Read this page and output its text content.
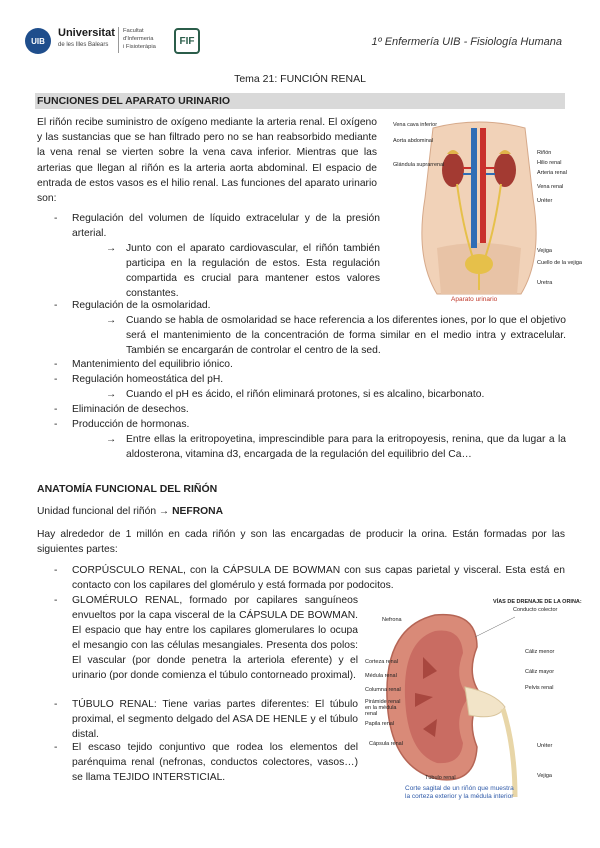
UIB
Universitat
de les Illes Balears
Facultat
d'Infermeria
i Fisioteràpia
FIF	1º Enfermería UIB - Fisiología Humana
Tema 21: FUNCIÓN RENAL
FUNCIONES DEL APARATO URINARIO
El riñón recibe suministro de oxígeno mediante la arteria renal. El oxígeno y las sustancias que se han filtrado pero no se han reabsorbido mediante la vena renal se vierten sobre la vena cava inferior. Mientras que las arterias que llegan al riñón es la arteria aorta abdominal. El espacio de entrada de estos vasos es el hilio renal. Las funciones del aparato urinario son:
Vena cava inferior
Aorta abdominal
Glándula suprarrenal
Riñón
Hilio renal
Arteria renal
Vena renal
Uréter
Vejiga
Cuello de la vejiga
Uretra
Aparato urinario
- Regulación del volumen de líquido extracelular y de la presión arterial.
→ Junto con el aparato cardiovascular, el riñón también participa en la regulación de estos. Esta regulación compartida es crucial para mantener estos valores constantes.
- Regulación de la osmolaridad.
→ Cuando se habla de osmolaridad se hace referencia a los diferentes iones, por lo que el objetivo será el mantenimiento de la concentración de forma similar en el medio intra y extracelular. También se encargarán de controlar el centro de la sed.
- Mantenimiento del equilibrio iónico.
- Regulación homeostática del pH.
→ Cuando el pH es ácido, el riñón eliminará protones, si es alcalino, bicarbonato.
- Eliminación de desechos.
- Producción de hormonas.
→ Entre ellas la eritropoyetina, imprescindible para para la eritropoyesis, renina, que da lugar a la aldosterona, vitamina d3, encargada de la regulación del equilibrio del Ca…
ANATOMÍA FUNCIONAL DEL RIÑÓN
Unidad funcional del riñón → NEFRONA
Hay alrededor de 1 millón en cada riñón y son las encargadas de producir la orina. Están formadas por las siguientes partes:
- CORPÚSCULO RENAL, con la CÁPSULA DE BOWMAN con sus capas parietal y visceral. Esta está en contacto con los capilares del glomérulo y está formada por podocitos.
- GLOMÉRULO RENAL, formado por capilares sanguíneos envueltos por la capa visceral de la CÁPSULA DE BOWMAN. El espacio que hay entre los capilares glomerulares lo ocupa el mesangio con las células mesangiales. Presenta dos polos: El vascular (por donde penetra la arteriola eferente) y el urinario (por donde comienza el túbulo contorneado proximal).
- TÚBULO RENAL: Tiene varias partes diferentes: El túbulo proximal, el segmento delgado del ASA DE HENLE y el túbulo distal.
- El escaso tejido conjuntivo que rodea los elementos del parénquima renal (nefronas, conductos colectores, vasos…) se llama TEJIDO INTERSTICIAL.
Nefrona
VÍAS DE DRENAJE DE LA ORINA:
Conducto colector
Cáliz menor
Cáliz mayor
Pelvis renal
Corteza renal
Médula renal
Columna renal
Pirámide renal en la médula renal
Papila renal
Cápsula renal	Uréter
Túbulo renal	Vejiga
Corte sagital de un riñón que muestra la corteza exterior y la médula interior
